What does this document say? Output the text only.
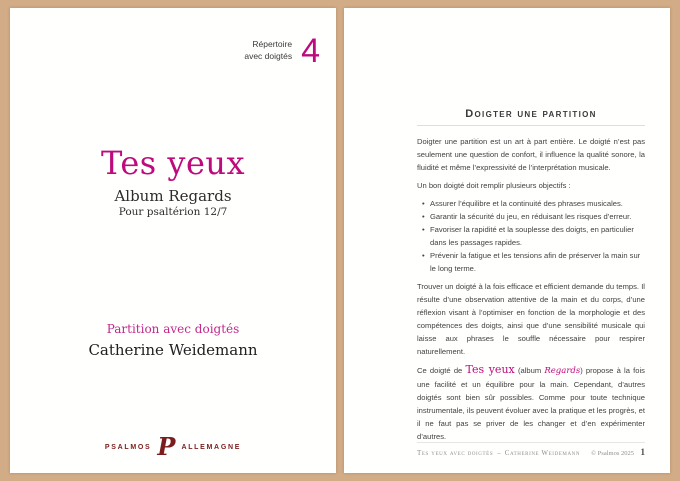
Répertoire
avec doigtés 4
Tes yeux
Album Regards
Pour psaltérion 12/7
Partition avec doigtés
Catherine Weidemann
PSALMOS P ALLEMAGNE
Doigter une partition

Doigter une partition est un art à part entière. Le doigté n’est pas seulement une question de confort, il influence la qualité sonore, la fluidité et même l’expressivité de l’interprétation musicale.

Un bon doigté doit remplir plusieurs objectifs :

• Assurer l’équilibre et la continuité des phrases musicales.
• Garantir la sécurité du jeu, en réduisant les risques d’erreur.
• Favoriser la rapidité et la souplesse des doigts, en particulier dans les passages rapides.
• Prévenir la fatigue et les tensions afin de préserver la main sur le long terme.

Trouver un doigté à la fois efficace et efficient demande du temps. Il résulte d’une observation attentive de la main et du corps, d’une réflexion visant à l’optimiser en fonction de la morphologie et des compétences des doigts, ainsi que d’une sensibilité musicale qui laisse aux phrases le souffle nécessaire pour respirer naturellement.

Ce doigté de Tes yeux (album Regards) propose à la fois une facilité et un équilibre pour la main. Cependant, d’autres doigtés sont bien sûr possibles. Comme pour toute technique instrumentale, ils peuvent évoluer avec la pratique et les progrès, et il ne faut pas se priver de les changer et d’en expérimenter d’autres.

Tes yeux avec doigtés – Catherine Weidemann © Psalmos 2025 1
